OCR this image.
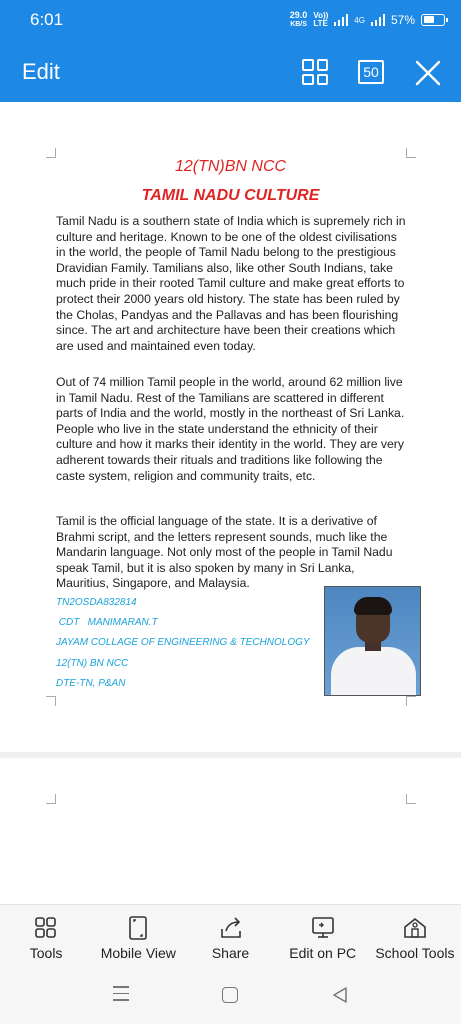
6:01	29.0
KB/S
Vo))
LTE	4G 57%
Edit	50
12(TN)BN NCC
TAMIL NADU CULTURE

Tamil Nadu is a southern state of India which is supremely rich in culture and heritage. Known to be one of the oldest civilisations in the world, the people of Tamil Nadu belong to the prestigious Dravidian Family. Tamilians also, like other South Indians, take much pride in their rooted Tamil culture and make great efforts to protect their 2000 years old history. The state has been ruled by the Cholas, Pandyas and the Pallavas and has been flourishing since. The art and architecture have been their creations which are used and maintained even today.

Out of 74 million Tamil people in the world, around 62 million live in Tamil Nadu. Rest of the Tamilians are scattered in different parts of India and the world, mostly in the northeast of Sri Lanka. People who live in the state understand the ethnicity of their culture and how it marks their identity in the world. They are very adherent towards their rituals and traditions like following the caste system, religion and community traits, etc.

Tamil is the official language of the state. It is a derivative of Brahmi script, and the letters represent sounds, much like the Mandarin language. Not only most of the people in Tamil Nadu speak Tamil, but it is also spoken by many in Sri Lanka, Mauritius, Singapore, and Malaysia.

TN2OSDA832814
CDT   MANIMARAN.T
JAYAM COLLAGE OF ENGINEERING & TECHNOLOGY
12(TN) BN NCC
DTE-TN, P&AN
Tools	Mobile View	Share	Edit on PC School Tools
